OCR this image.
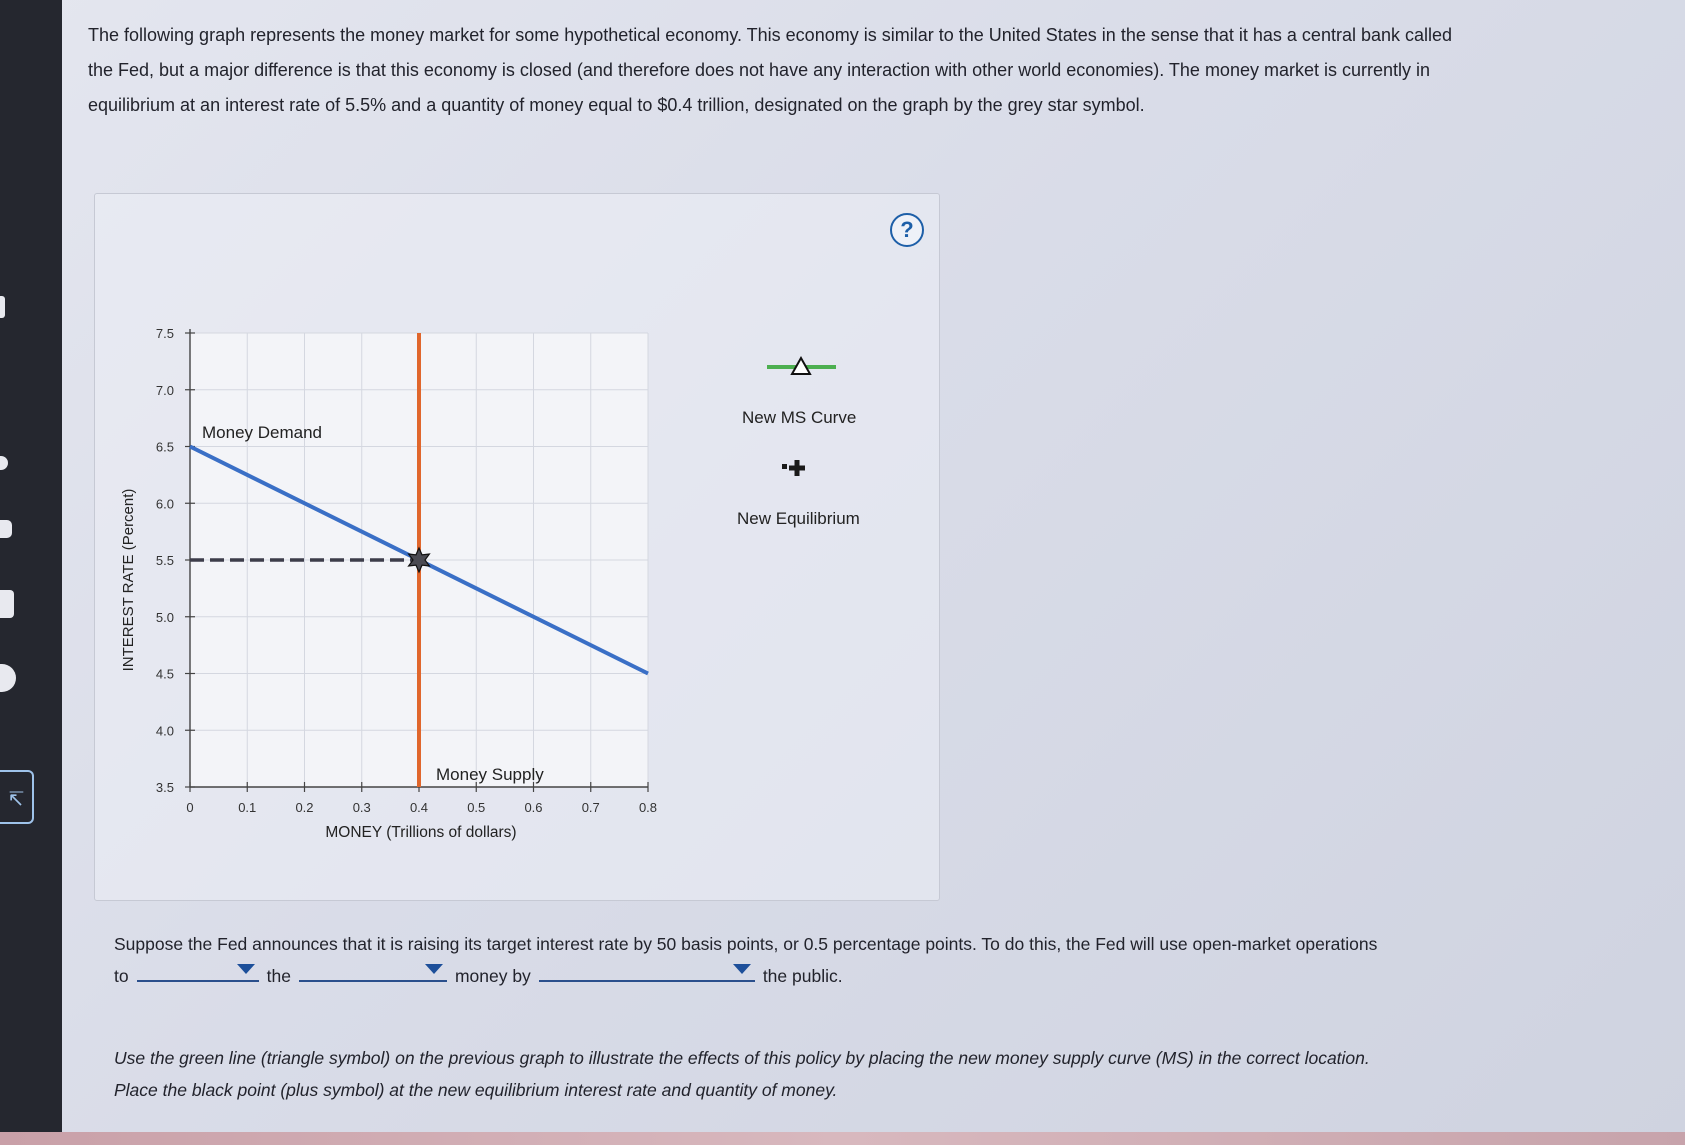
↸
The following graph represents the money market for some hypothetical economy. This economy is similar to the United States in the sense that it has a central bank called the Fed, but a major difference is that this economy is closed (and therefore does not have any interaction with other world economies). The money market is currently in equilibrium at an interest rate of 5.5% and a quantity of money equal to $0.4 trillion, designated on the graph by the grey star symbol.
?
7.5
7.0
6.5
6.0
5.5
5.0
4.5
4.0
3.5
0	0.1	0.2	0.3	0.4	0.5	0.6	0.7	0.8
MONEY (Trillions of dollars)
INTEREST RATE (Percent)
Money Demand
Money Supply
New MS Curve
New Equilibrium
Suppose the Fed announces that it is raising its target interest rate by 50 basis points, or 0.5 percentage points. To do this, the Fed will use open-market operations to	the	money by	the public.
Use the green line (triangle symbol) on the previous graph to illustrate the effects of this policy by placing the new money supply curve (MS) in the correct location. Place the black point (plus symbol) at the new equilibrium interest rate and quantity of money.
